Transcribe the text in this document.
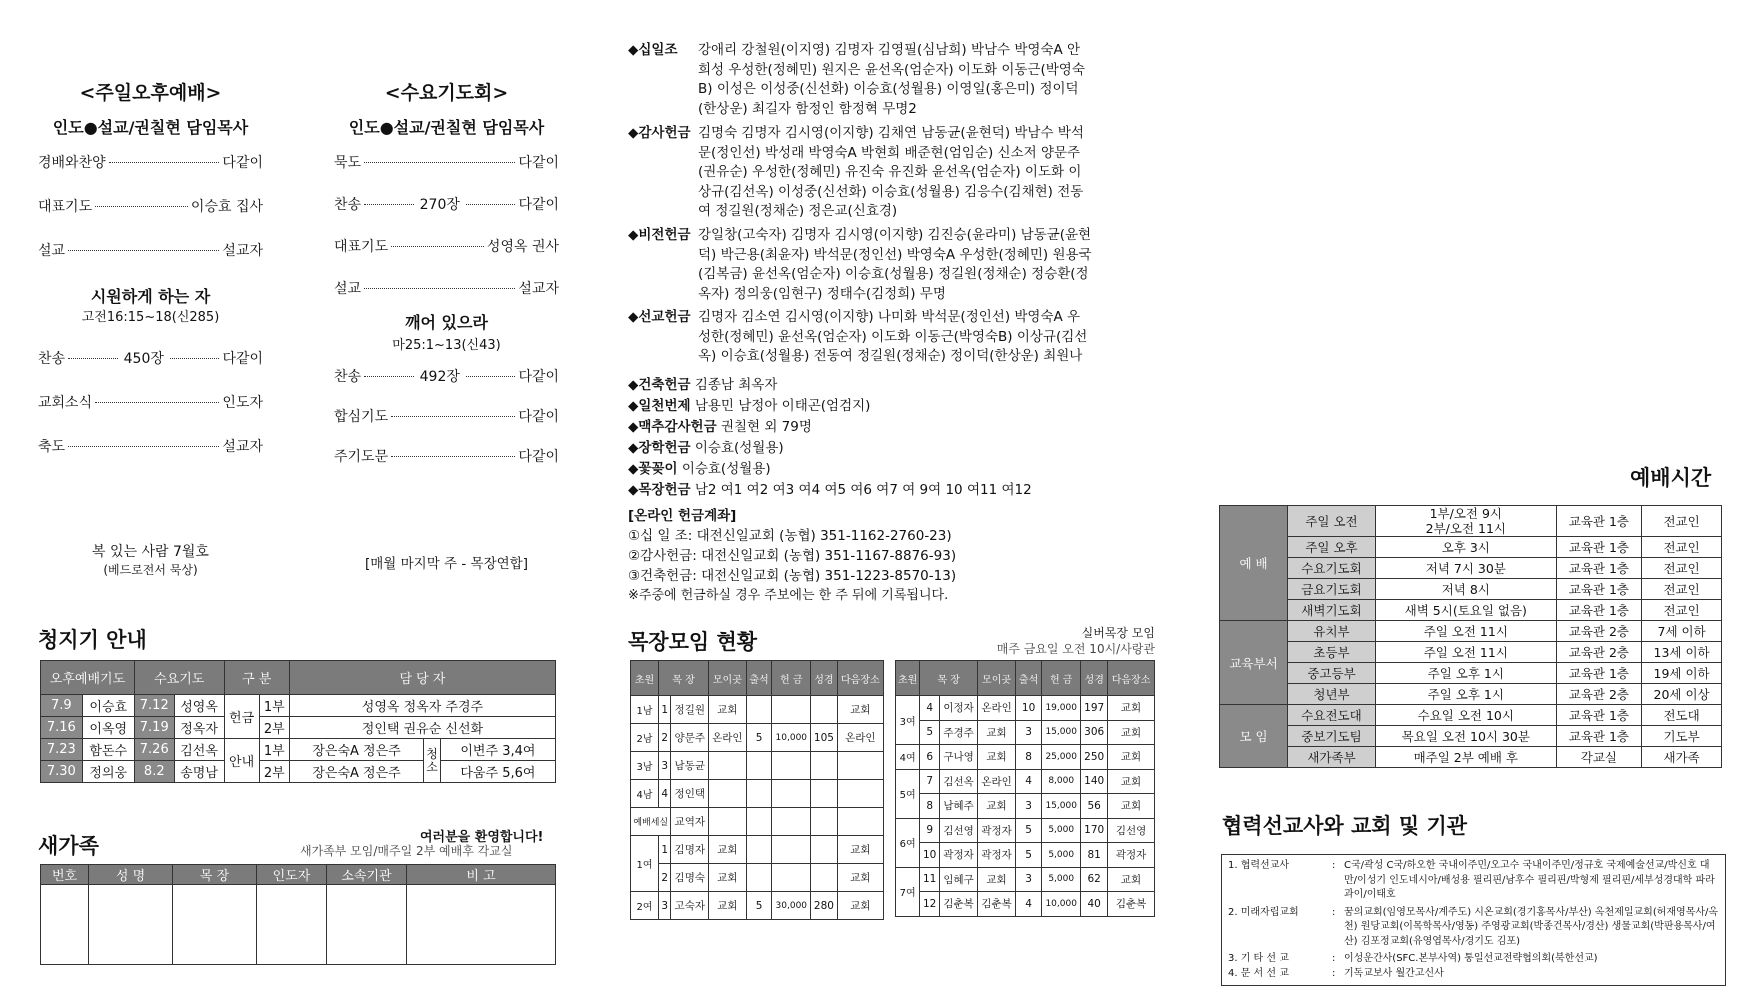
<주일오후예배>
인도●설교/권칠현 담임목사
경배와찬양	다같이
대표기도	이승효 집사
설교	설교자
시원하게 하는 자
고전16:15~18(신285)
찬송	450장	다같이
교회소식	인도자
축도	설교자
복 있는 사람 7월호
(베드로전서 묵상)
<수요기도회>
인도●설교/권칠현 담임목사
묵도	다같이
찬송	270장	다같이
대표기도	성영옥 권사
설교	설교자
깨어 있으라
마25:1~13(신43)
찬송	492장	다같이
합심기도	다같이
주기도문	다같이
[매월 마지막 주 - 목장연합]
청지기 안내
오후예배기도		수요기도		구 분		담 당 자		
7.9	이승효	7.12	성영옥	헌금	1부	성영옥 정옥자 주경주		
7.16	이옥영	7.19	정옥자		2부	정인택 권유순 신선화		
7.23	함돈수	7.26	김선옥	안내	1부	장은숙A 정은주	청소	이변주 3,4여
7.30	정의웅	8.2	송명남		2부	장은숙A 정은주		다움주 5,6여
새가족	여러분을 환영합니다!
새가족부 모임/매주일 2부 예배후 각교실
번호	성 명	목 장	인도자	소속기관	비 고

◆십일조 강애리 강철원(이지영) 김명자 김영필(심남희) 박남수 박영숙A 안희성 우성한(정혜민) 원지은 윤선옥(엄순자) 이도화 이동근(박영숙B) 이성은 이성중(신선화) 이승효(성월용) 이영일(홍은미) 정이덕(한상운) 최길자 함정인 함정혁 무명2
◆감사헌금 김명숙 김명자 김시영(이지향) 김채연 남동균(윤현덕) 박남수 박석문(정인선) 박성래 박영숙A 박현희 배준현(엄임순) 신소저 양문주(권유순) 우성한(정혜민) 유진숙 유진화 윤선옥(엄순자) 이도화 이상규(김선옥) 이성중(신선화) 이승효(성월용) 김응수(김채현) 전동여 정길원(정채순) 정은교(신효경)
◆비전헌금 강일창(고숙자) 김명자 김시영(이지향) 김진승(윤라미) 남동균(윤현덕) 박근용(최윤자) 박석문(정인선) 박영숙A 우성한(정혜민) 원용국(김복금) 윤선옥(엄순자) 이승효(성월용) 정길원(정채순) 정승환(정옥자) 정의웅(임현구) 정태수(김정희) 무명
◆선교헌금 김명자 김소연 김시영(이지향) 나미화 박석문(정인선) 박영숙A 우성한(정혜민) 윤선옥(엄순자) 이도화 이동근(박영숙B) 이상규(김선옥) 이승효(성월용) 전동여 정길원(정채순) 정이덕(한상운) 최원나
◆건축헌금 김종남 최옥자
◆일천번제 남용민 남정아 이태곤(엄검지)
◆맥추감사헌금 권칠현 외 79명
◆장학헌금 이승효(성월용)
◆꽃꽂이 이승효(성월용)
◆목장헌금 남2 여1 여2 여3 여4 여5 여6 여7 여 9여 10 여11 여12
[온라인 헌금계좌]
①십 일 조: 대전신일교회 (농협) 351-1162-2760-23)
②감사헌금: 대전신일교회 (농협) 351-1167-8876-93)
③건축헌금: 대전신일교회 (농협) 351-1223-8570-13)
※주중에 헌금하실 경우 주보에는 한 주 뒤에 기록됩니다.
목장모임 현황	실버목장 모임
매주 금요일 오전 10시/사랑관
초원	목 장		모이곳	출석	헌 금	성경	다음장소
1남	1	정길원	교회				교회
2남	2	양문주	온라인	5	10,000	105	온라인
3남	3	남동균					
4남	4	정인택					
예배세실		교역자					
1여	1	김명자	교회				교회
	2	김명숙	교회				교회
2여	3	고숙자	교회	5	30,000	280	교회
초원	목 장		모이곳	출석	헌 금	성경	다음장소
3여	4	이정자	온라인	10	19,000	197	교회
	5	주경주	교회	3	15,000	306	교회
4여	6	구나영	교회	8	25,000	250	교회
5여	7	김선옥	온라인	4	8,000	140	교회
	8	남혜주	교회	3	15,000	56	교회
6여	9	김선영	곽정자	5	5,000	170	김선영
	10	곽정자	곽정자	5	5,000	81	곽정자
7여	11	임혜구	교회	3	5,000	62	교회
	12	김춘복	김춘복	4	10,000	40	김춘복
예배시간
예 배	주일 오전	1부/오전 9시
2부/오전 11시	교육관 1층	전교인
	주일 오후	오후 3시	교육관 1층	전교인
	수요기도회	저녁 7시 30분	교육관 1층	전교인
	금요기도회	저녁 8시	교육관 1층	전교인
	새벽기도회	새벽 5시(토요일 없음)	교육관 1층	전교인
교육부서	유치부	주일 오전 11시	교육관 2층	7세 이하
	초등부	주일 오전 11시	교육관 2층	13세 이하
	중고등부	주일 오후 1시	교육관 1층	19세 이하
	청년부	주일 오후 1시	교육관 2층	20세 이상
모 임	수요전도대	수요일 오전 10시	교육관 1층	전도대
	중보기도팀	목요일 오전 10시 30분	교육관 1층	기도부
	새가족부	매주일 2부 예배 후	각교실	새가족
협력선교사와 교회 및 기관
1. 협력선교사	: C국/곽성 C국/하오한 국내이주민/오고수 국내이주민/정규호 국제예술선교/박신호 대만/이성기 인도네시아/배성용 필리핀/남후수 필리핀/박형제 필리핀/세부성경대학 파라과이/이태호
2. 미래자립교회	: 꿈의교회(임영모목사/계주도) 시온교회(경기홍목사/부산) 옥천제일교회(허재영목사/옥천) 원당교회(이목학목사/영동) 주영광교회(박종건목사/경산) 생물교회(박판용목사/여산) 김포정교회(유영엽목사/경기도 김포)
3. 기 타 선 교	: 이성운간사(SFC.본부사역) 통일선교전략협의회(북한선교)
4. 문 서 선 교	: 기독교보사 월간고신사
